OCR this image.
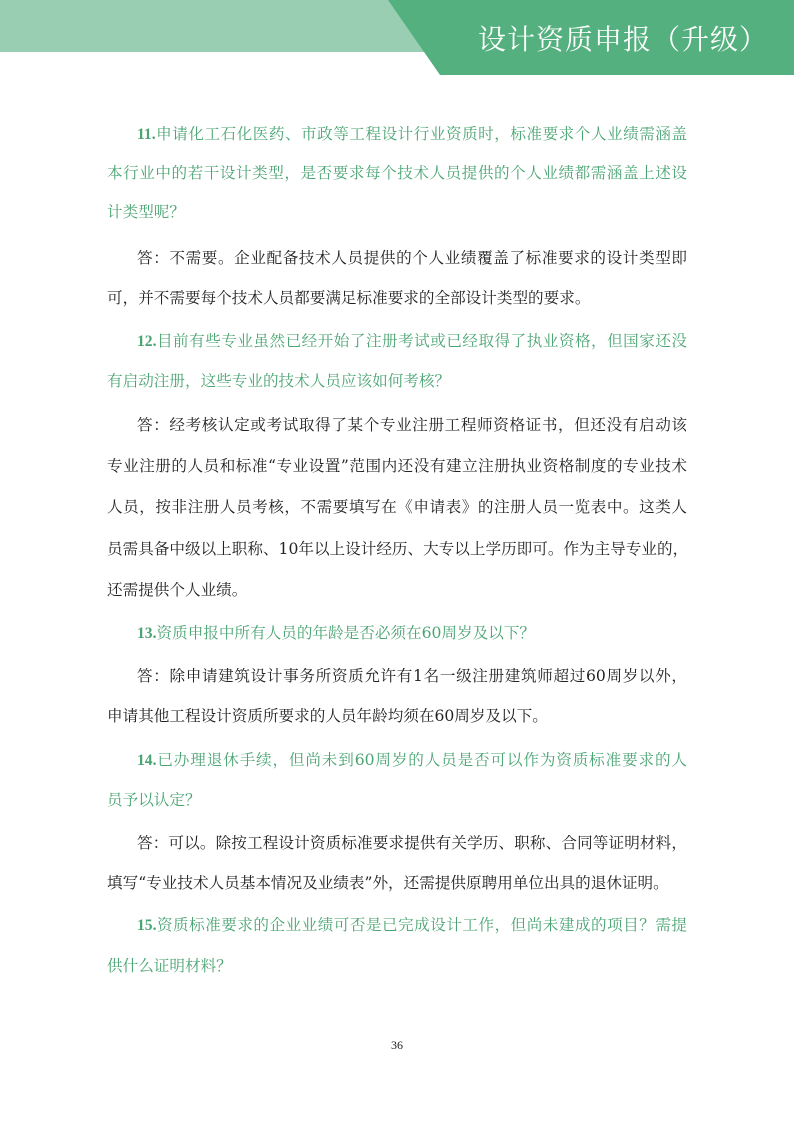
设计资质申报（升级）
11.申请化工石化医药、市政等工程设计行业资质时，标准要求个人业绩需涵盖
本行业中的若干设计类型，是否要求每个技术人员提供的个人业绩都需涵盖上述设
计类型呢？
答：不需要。企业配备技术人员提供的个人业绩覆盖了标准要求的设计类型即
可，并不需要每个技术人员都要满足标准要求的全部设计类型的要求。
12.目前有些专业虽然已经开始了注册考试或已经取得了执业资格，但国家还没
有启动注册，这些专业的技术人员应该如何考核？
答：经考核认定或考试取得了某个专业注册工程师资格证书，但还没有启动该
专业注册的人员和标准“专业设置”范围内还没有建立注册执业资格制度的专业技术
人员，按非注册人员考核，不需要填写在《申请表》的注册人员一览表中。这类人
员需具备中级以上职称、10年以上设计经历、大专以上学历即可。作为主导专业的，
还需提供个人业绩。
13.资质申报中所有人员的年龄是否必须在60周岁及以下？
答：除申请建筑设计事务所资质允许有1名一级注册建筑师超过60周岁以外，
申请其他工程设计资质所要求的人员年龄均须在60周岁及以下。
14.已办理退休手续，但尚未到60周岁的人员是否可以作为资质标准要求的人
员予以认定？
答：可以。除按工程设计资质标准要求提供有关学历、职称、合同等证明材料，
填写“专业技术人员基本情况及业绩表”外，还需提供原聘用单位出具的退休证明。
15.资质标准要求的企业业绩可否是已完成设计工作，但尚未建成的项目？需提
供什么证明材料？
36
